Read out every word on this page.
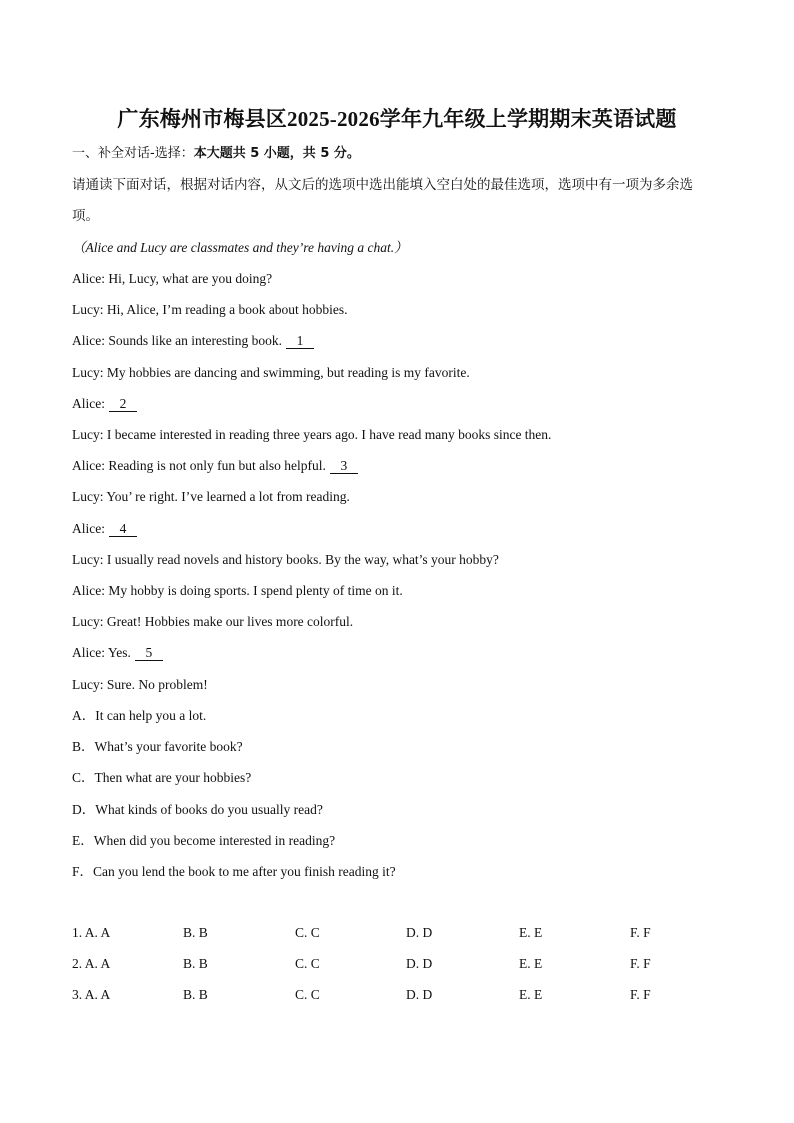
广东梅州市梅县区2025-2026学年九年级上学期期末英语试题
一、补全对话-选择：本大题共 5 小题，共 5 分。
请通读下面对话，根据对话内容，从文后的选项中选出能填入空白处的最佳选项，选项中有一项为多余选
项。
（Alice and Lucy are classmates and they’re having a chat.）
Alice: Hi, Lucy, what are you doing?
Lucy: Hi, Alice, I’m reading a book about hobbies.
Alice: Sounds like an interesting book. 1
Lucy: My hobbies are dancing and swimming, but reading is my favorite.
Alice: 2
Lucy: I became interested in reading three years ago. I have read many books since then.
Alice: Reading is not only fun but also helpful. 3
Lucy: You’ re right. I’ve learned a lot from reading.
Alice: 4
Lucy: I usually read novels and history books. By the way, what’s your hobby?
Alice: My hobby is doing sports. I spend plenty of time on it.
Lucy: Great! Hobbies make our lives more colorful.
Alice: Yes. 5
Lucy: Sure. No problem!
A．It can help you a lot.
B．What’s your favorite book?
C．Then what are your hobbies?
D．What kinds of books do you usually read?
E．When did you become interested in reading?
F．Can you lend the book to me after you finish reading it?
1. A. A	B. B	C. C	D. D	E. E	F. F
2. A. A	B. B	C. C	D. D	E. E	F. F
3. A. A	B. B	C. C	D. D	E. E	F. F
